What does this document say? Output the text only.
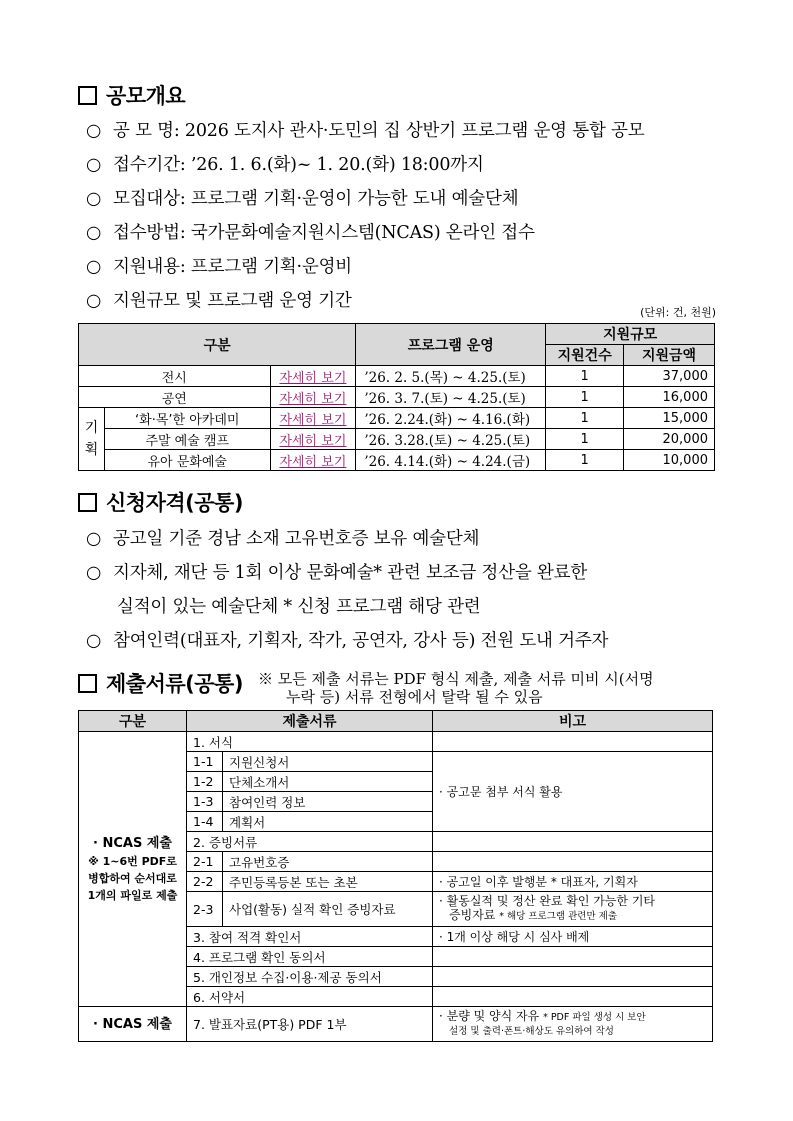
공모개요
○ 공 모 명: 2026 도지사 관사·도민의 집 상반기 프로그램 운영 통합 공모
○ 접수기간: ’26. 1. 6.(화)~ 1. 20.(화) 18:00까지
○ 모집대상: 프로그램 기획·운영이 가능한 도내 예술단체
○ 접수방법: 국가문화예술지원시스템(NCAS) 온라인 접수
○ 지원내용: 프로그램 기획·운영비
○ 지원규모 및 프로그램 운영 기간
(단위: 건, 천원)
구분			프로그램 운영	지원규모	
				지원건수	지원금액
전시		자세히 보기	’26. 2. 5.(목) ~ 4.25.(토)	1	37,000
공연		자세히 보기	’26. 3. 7.(토) ~ 4.25.(토)	1	16,000
기획	‘화·목’한 아카데미	자세히 보기	’26. 2.24.(화) ~ 4.16.(화)	1	15,000
	주말 예술 캠프	자세히 보기	’26. 3.28.(토) ~ 4.25.(토)	1	20,000
	유아 문화예술	자세히 보기	’26. 4.14.(화) ~ 4.24.(금)	1	10,000
신청자격(공통)
○ 공고일 기준 경남 소재 고유번호증 보유 예술단체
○ 지자체, 재단 등 1회 이상 문화예술* 관련 보조금 정산을 완료한
실적이 있는 예술단체 * 신청 프로그램 해당 관련
○ 참여인력(대표자, 기획자, 작가, 공연자, 강사 등) 전원 도내 거주자
제출서류(공통) ※ 모든 제출 서류는 PDF 형식 제출, 제출 서류 미비 시(서명
누락 등) 서류 전형에서 탈락 될 수 있음
구분	제출서류		비고

· NCAS 제출
※ 1~6번 PDF로
병합하여 순서대로
1개의 파일로 제출	1. 서식		
	1-1	지원신청서	· 공고문 첨부 서식 활용
	1-2	단체소개서	
	1-3	참여인력 정보	
	1-4	계획서	
	2. 증빙서류		
	2-1	고유번호증	
	2-2	주민등록등본 또는 초본	· 공고일 이후 발행분 * 대표자, 기획자
	2-3	사업(활동) 실적 확인 증빙자료	· 활동실적 및 정산 완료 확인 가능한 기타
증빙자료 * 해당 프로그램 관련만 제출

	3. 참여 적격 확인서		· 1개 이상 해당 시 심사 배제
	4. 프로그램 확인 동의서		
	5. 개인정보 수집·이용·제공 동의서		
	6. 서약서		
· NCAS 제출	7. 발표자료(PT용) PDF 1부		· 분량 및 양식 자유 * PDF 파일 생성 시 보안
설정 및 출력·폰트·해상도 유의하여 작성
